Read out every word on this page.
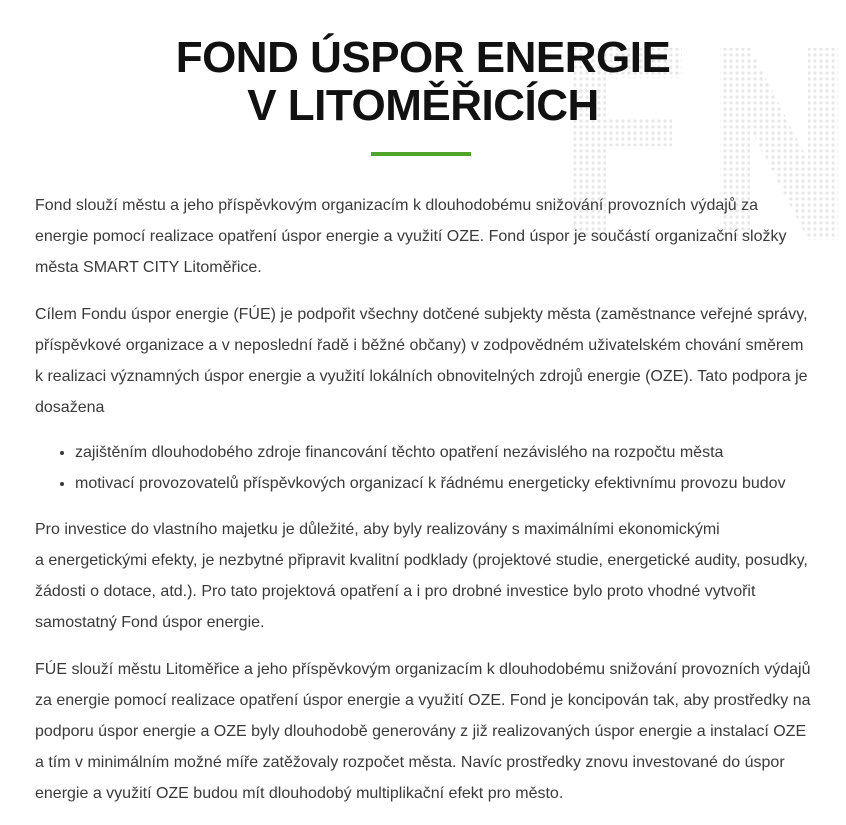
FOND ÚSPOR ENERGIE
V LITOMĚŘICÍCH

Fond slouží městu a jeho příspěvkovým organizacím k dlouhodobému snižování provozních výdajů za
energie pomocí realizace opatření úspor energie a využití OZE. Fond úspor je součástí organizační složky
města SMART CITY Litoměřice.

Cílem Fondu úspor energie (FÚE) je podpořit všechny dotčené subjekty města (zaměstnance veřejné správy,
příspěvkové organizace a v neposlední řadě i běžné občany) v zodpovědném uživatelském chování směrem
k realizaci významných úspor energie a využití lokálních obnovitelných zdrojů energie (OZE). Tato podpora je
dosažena

• zajištěním dlouhodobého zdroje financování těchto opatření nezávislého na rozpočtu města
• motivací provozovatelů příspěvkových organizací k řádnému energeticky efektivnímu provozu budov

Pro investice do vlastního majetku je důležité, aby byly realizovány s maximálními ekonomickými
a energetickými efekty, je nezbytné připravit kvalitní podklady (projektové studie, energetické audity, posudky,
žádosti o dotace, atd.). Pro tato projektová opatření a i pro drobné investice bylo proto vhodné vytvořit
samostatný Fond úspor energie.

FÚE slouží městu Litoměřice a jeho příspěvkovým organizacím k dlouhodobému snižování provozních výdajů
za energie pomocí realizace opatření úspor energie a využití OZE. Fond je koncipován tak, aby prostředky na
podporu úspor energie a OZE byly dlouhodobě generovány z již realizovaných úspor energie a instalací OZE
a tím v minimálním možné míře zatěžovaly rozpočet města. Navíc prostředky znovu investované do úspor
energie a využití OZE budou mít dlouhodobý multiplikační efekt pro město.
